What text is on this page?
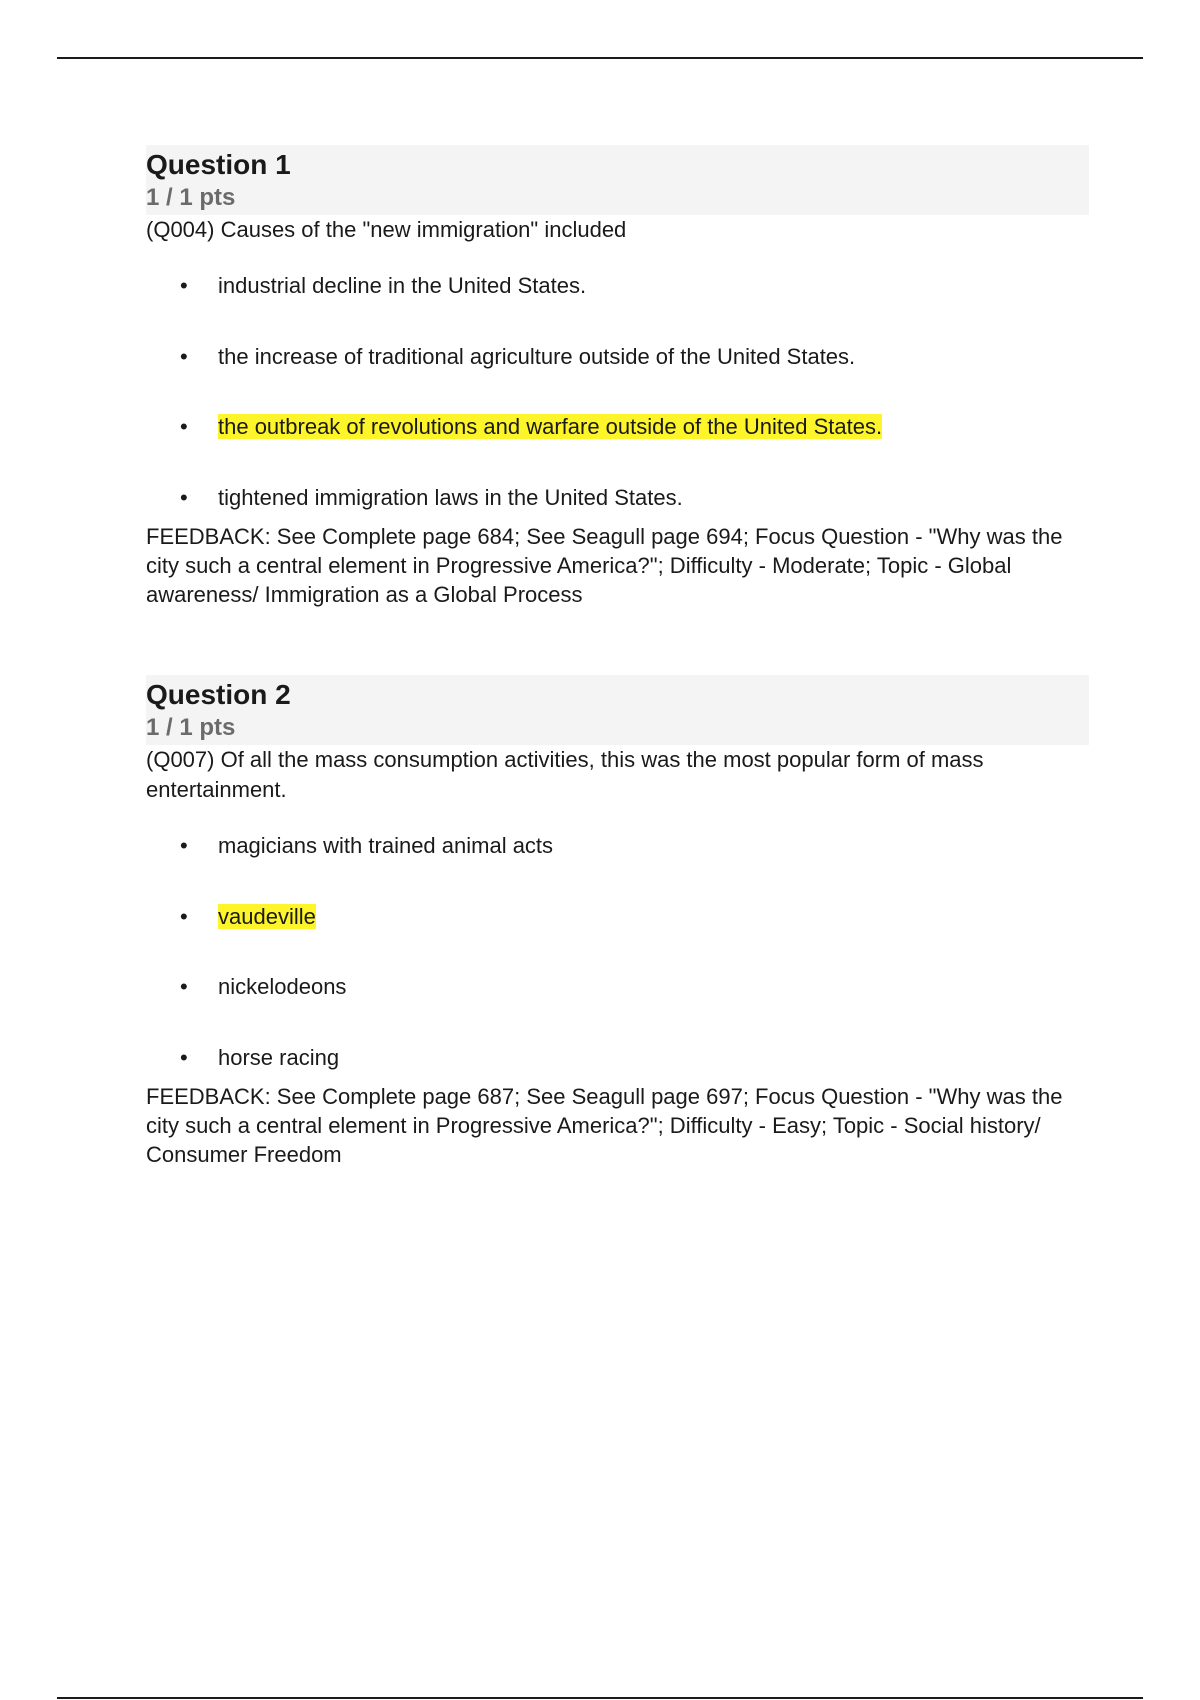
Question 1
1 / 1 pts
(Q004) Causes of the "new immigration" included
• industrial decline in the United States.
• the increase of traditional agriculture outside of the United States.
• the outbreak of revolutions and warfare outside of the United States.
• tightened immigration laws in the United States.
FEEDBACK: See Complete page 684; See Seagull page 694; Focus Question - "Why was the city such a central element in Progressive America?"; Difficulty - Moderate; Topic - Global awareness/ Immigration as a Global Process
Question 2
1 / 1 pts
(Q007) Of all the mass consumption activities, this was the most popular form of mass entertainment.
• magicians with trained animal acts
• vaudeville
• nickelodeons
• horse racing
FEEDBACK: See Complete page 687; See Seagull page 697; Focus Question - "Why was the city such a central element in Progressive America?"; Difficulty - Easy; Topic - Social history/ Consumer Freedom
